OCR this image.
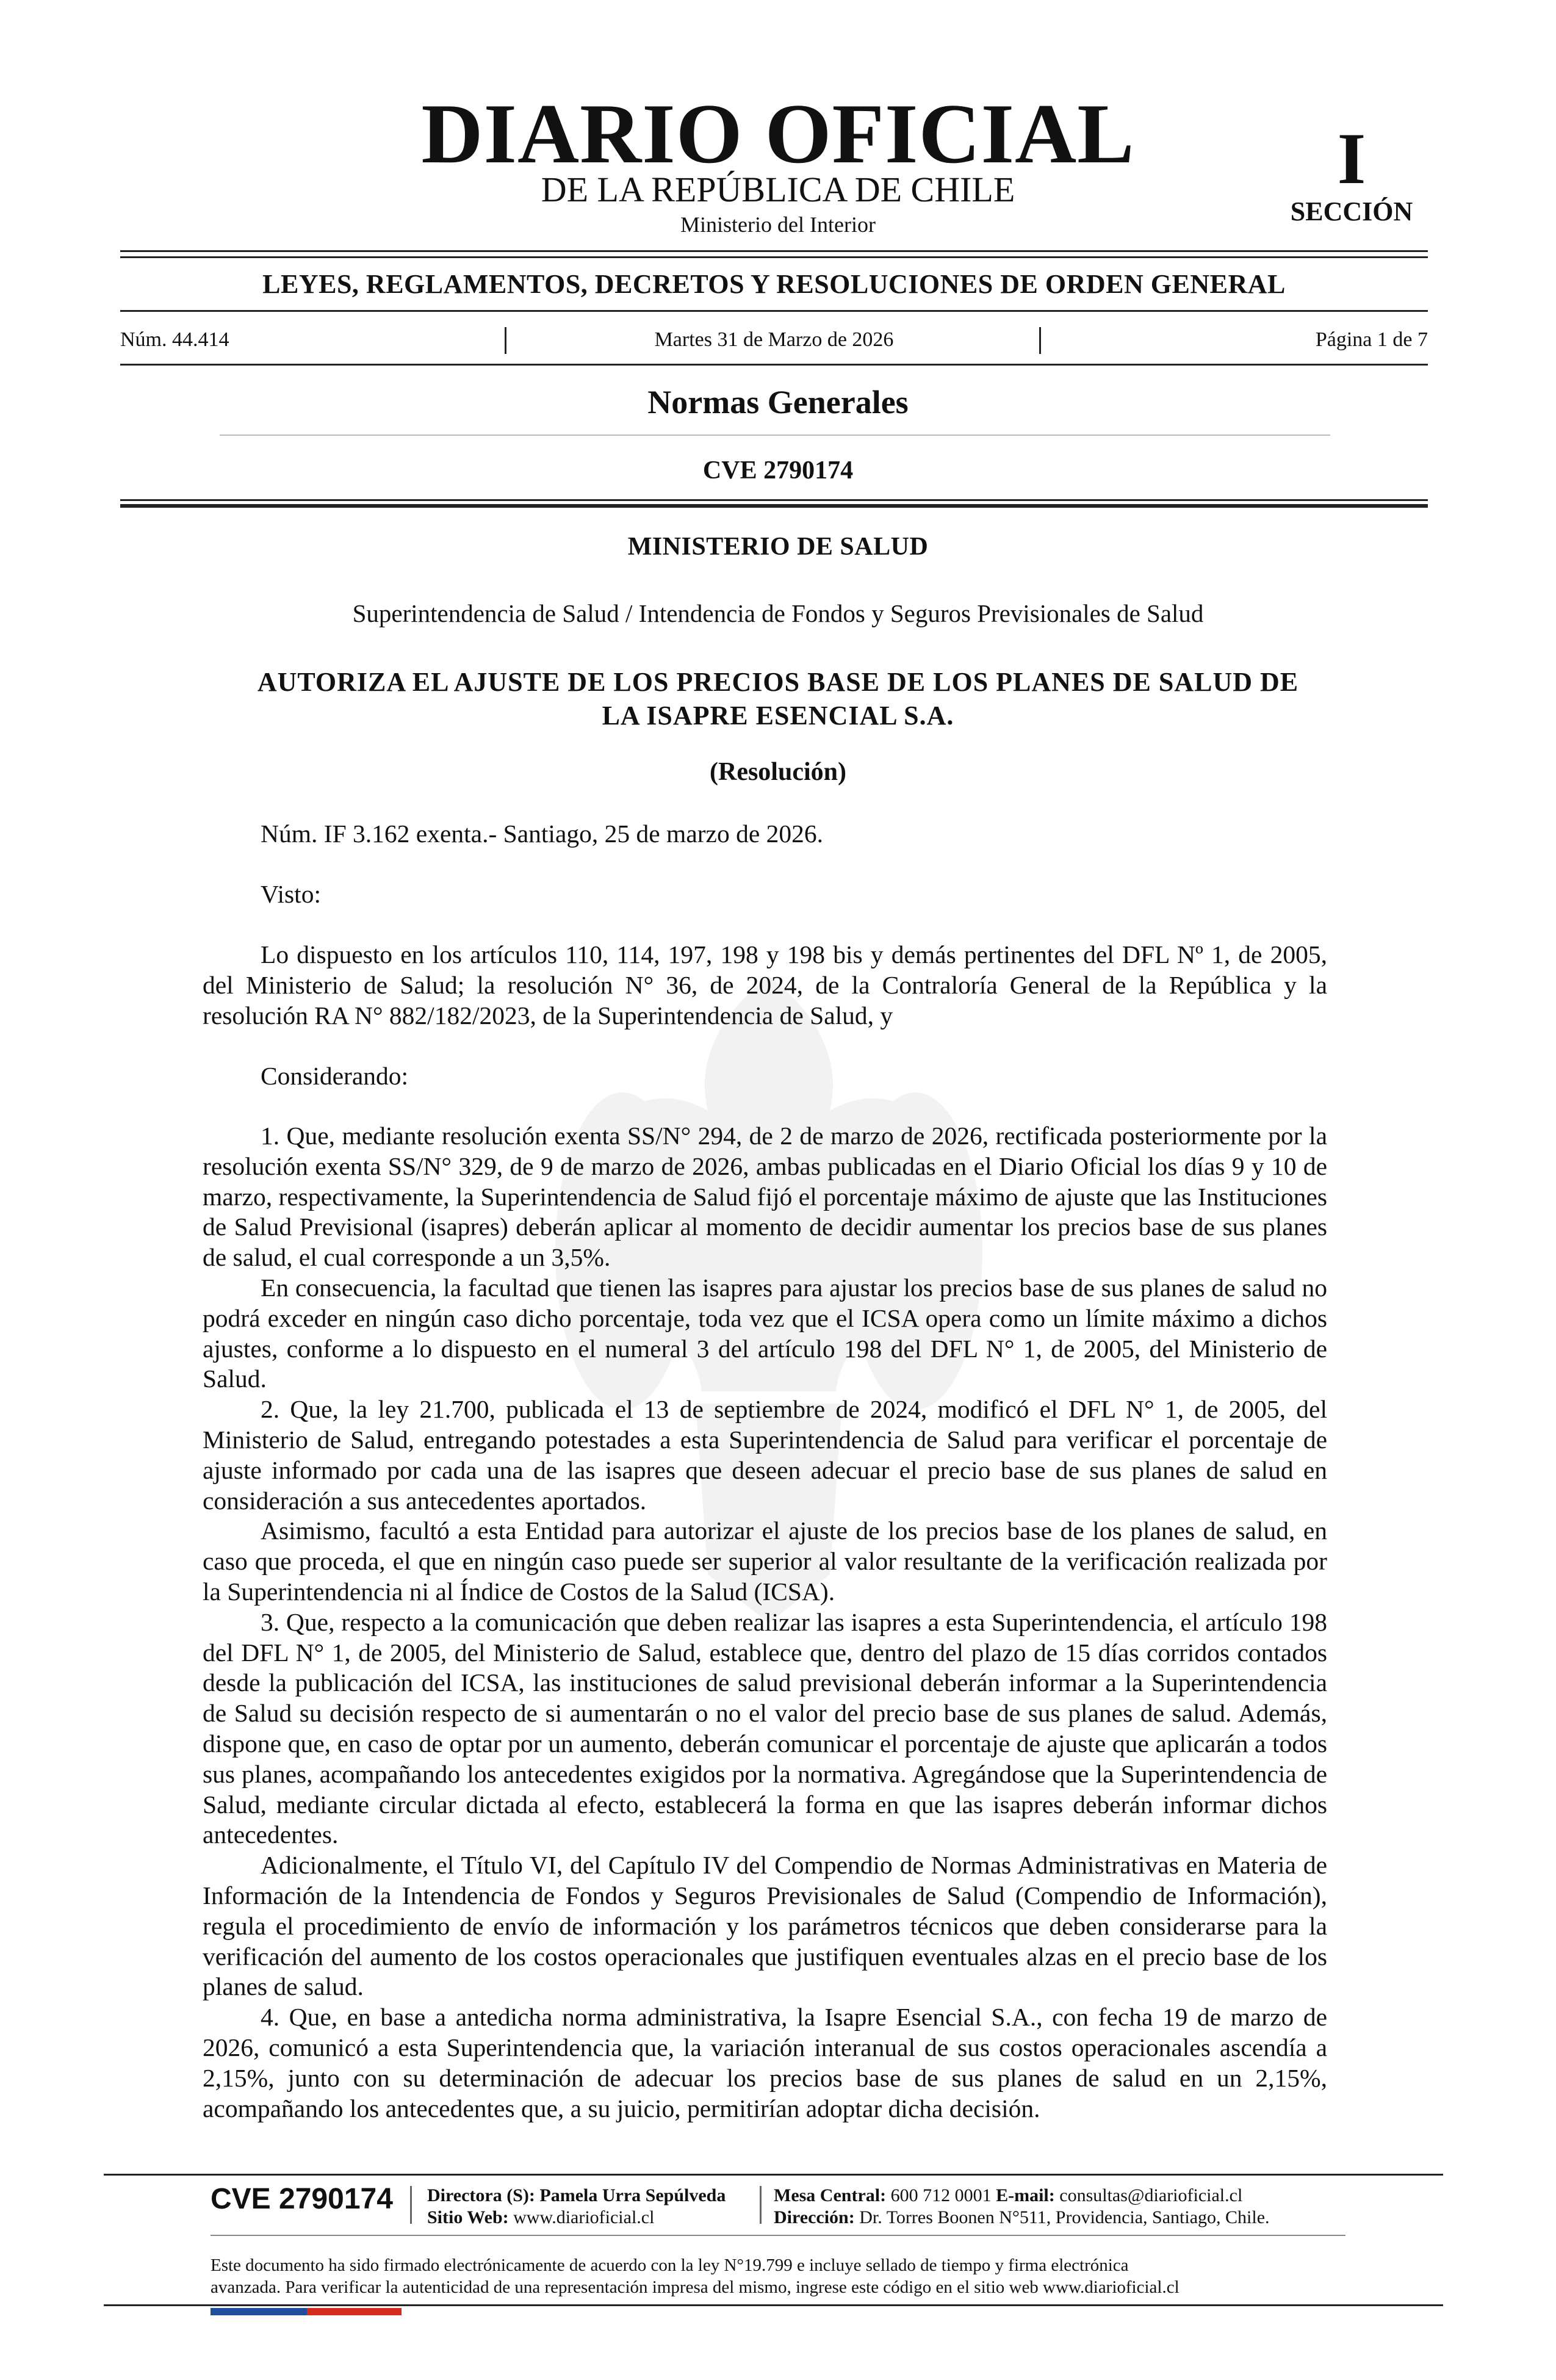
DIARIO OFICIAL
DE LA REPÚBLICA DE CHILE
Ministerio del Interior
I
SECCIÓN
LEYES, REGLAMENTOS, DECRETOS Y RESOLUCIONES DE ORDEN GENERAL
Núm. 44.414	Martes 31 de Marzo de 2026	Página 1 de 7
Normas Generales
CVE 2790174
MINISTERIO DE SALUD
Superintendencia de Salud / Intendencia de Fondos y Seguros Previsionales de Salud
AUTORIZA EL AJUSTE DE LOS PRECIOS BASE DE LOS PLANES DE SALUD DE
LA ISAPRE ESENCIAL S.A.
(Resolución)
Núm. IF 3.162 exenta.- Santiago, 25 de marzo de 2026.
Visto:

Lo dispuesto en los artículos 110, 114, 197, 198 y 198 bis y demás pertinentes del DFL Nº 1, de 2005, del Ministerio de Salud; la resolución N° 36, de 2024, de la Contraloría General de la República y la resolución RA N° 882/182/2023, de la Superintendencia de Salud, y

Considerando:

1. Que, mediante resolución exenta SS/N° 294, de 2 de marzo de 2026, rectificada posteriormente por la resolución exenta SS/N° 329, de 9 de marzo de 2026, ambas publicadas en el Diario Oficial los días 9 y 10 de marzo, respectivamente, la Superintendencia de Salud fijó el porcentaje máximo de ajuste que las Instituciones de Salud Previsional (isapres) deberán aplicar al momento de decidir aumentar los precios base de sus planes de salud, el cual corresponde a un 3,5%.

En consecuencia, la facultad que tienen las isapres para ajustar los precios base de sus planes de salud no podrá exceder en ningún caso dicho porcentaje, toda vez que el ICSA opera como un límite máximo a dichos ajustes, conforme a lo dispuesto en el numeral 3 del artículo 198 del DFL N° 1, de 2005, del Ministerio de Salud.

2. Que, la ley 21.700, publicada el 13 de septiembre de 2024, modificó el DFL N° 1, de 2005, del Ministerio de Salud, entregando potestades a esta Superintendencia de Salud para verificar el porcentaje de ajuste informado por cada una de las isapres que deseen adecuar el precio base de sus planes de salud en consideración a sus antecedentes aportados.

Asimismo, facultó a esta Entidad para autorizar el ajuste de los precios base de los planes de salud, en caso que proceda, el que en ningún caso puede ser superior al valor resultante de la verificación realizada por la Superintendencia ni al Índice de Costos de la Salud (ICSA).

3. Que, respecto a la comunicación que deben realizar las isapres a esta Superintendencia, el artículo 198 del DFL N° 1, de 2005, del Ministerio de Salud, establece que, dentro del plazo de 15 días corridos contados desde la publicación del ICSA, las instituciones de salud previsional deberán informar a la Superintendencia de Salud su decisión respecto de si aumentarán o no el valor del precio base de sus planes de salud. Además, dispone que, en caso de optar por un aumento, deberán comunicar el porcentaje de ajuste que aplicarán a todos sus planes, acompañando los antecedentes exigidos por la normativa. Agregándose que la Superintendencia de Salud, mediante circular dictada al efecto, establecerá la forma en que las isapres deberán informar dichos antecedentes.

Adicionalmente, el Título VI, del Capítulo IV del Compendio de Normas Administrativas en Materia de Información de la Intendencia de Fondos y Seguros Previsionales de Salud (Compendio de Información), regula el procedimiento de envío de información y los parámetros técnicos que deben considerarse para la verificación del aumento de los costos operacionales que justifiquen eventuales alzas en el precio base de los planes de salud.

4. Que, en base a antedicha norma administrativa, la Isapre Esencial S.A., con fecha 19 de marzo de 2026, comunicó a esta Superintendencia que, la variación interanual de sus costos operacionales ascendía a 2,15%, junto con su determinación de adecuar los precios base de sus planes de salud en un 2,15%, acompañando los antecedentes que, a su juicio, permitirían adoptar dicha decisión.

CVE 2790174 Directora (S): Pamela Urra Sepúlveda
Sitio Web: www.diarioficial.cl
Mesa Central: 600 712 0001 E-mail: consultas@diarioficial.cl
Dirección: Dr. Torres Boonen N°511, Providencia, Santiago, Chile.
Este documento ha sido firmado electrónicamente de acuerdo con la ley N°19.799 e incluye sellado de tiempo y firma electrónica
avanzada. Para verificar la autenticidad de una representación impresa del mismo, ingrese este código en el sitio web www.diarioficial.cl
